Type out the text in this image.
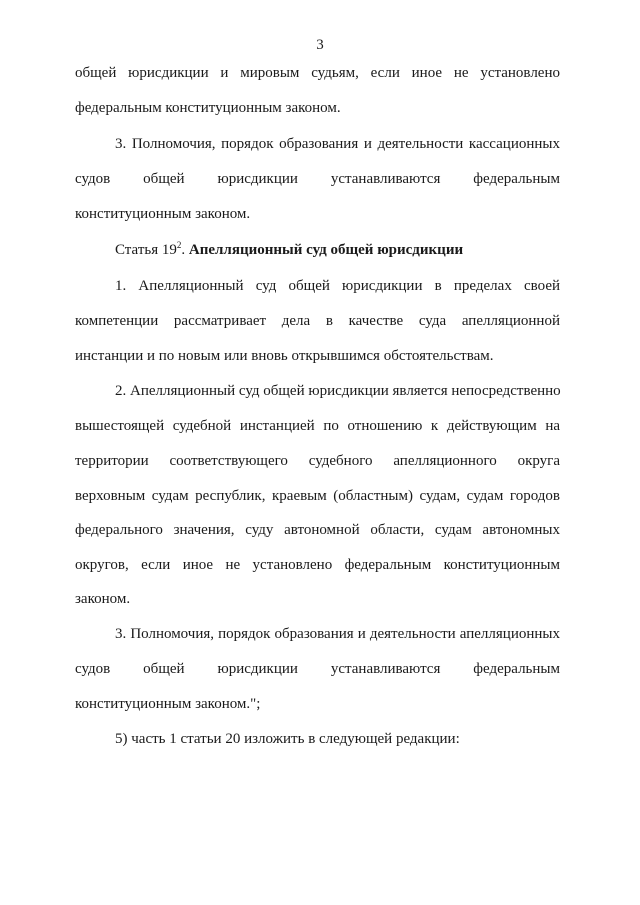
3
общей юрисдикции и мировым судьям, если иное не установлено
федеральным конституционным законом.
3. Полномочия, порядок образования и деятельности кассационных
судов общей юрисдикции устанавливаются федеральным
конституционным законом.
Статья $19^2$. Апелляционный суд общей юрисдикции
1. Апелляционный суд общей юрисдикции в пределах своей
компетенции рассматривает дела в качестве суда апелляционной
инстанции и по новым или вновь открывшимся обстоятельствам.
2. Апелляционный суд общей юрисдикции является непосредственно
вышестоящей судебной инстанцией по отношению к действующим на
территории соответствующего судебного апелляционного округа
верховным судам республик, краевым (областным) судам, судам городов
федерального значения, суду автономной области, судам автономных
округов, если иное не установлено федеральным конституционным
законом.
3. Полномочия, порядок образования и деятельности апелляционных
судов общей юрисдикции устанавливаются федеральным
конституционным законом.";
5) часть 1 статьи 20 изложить в следующей редакции:
